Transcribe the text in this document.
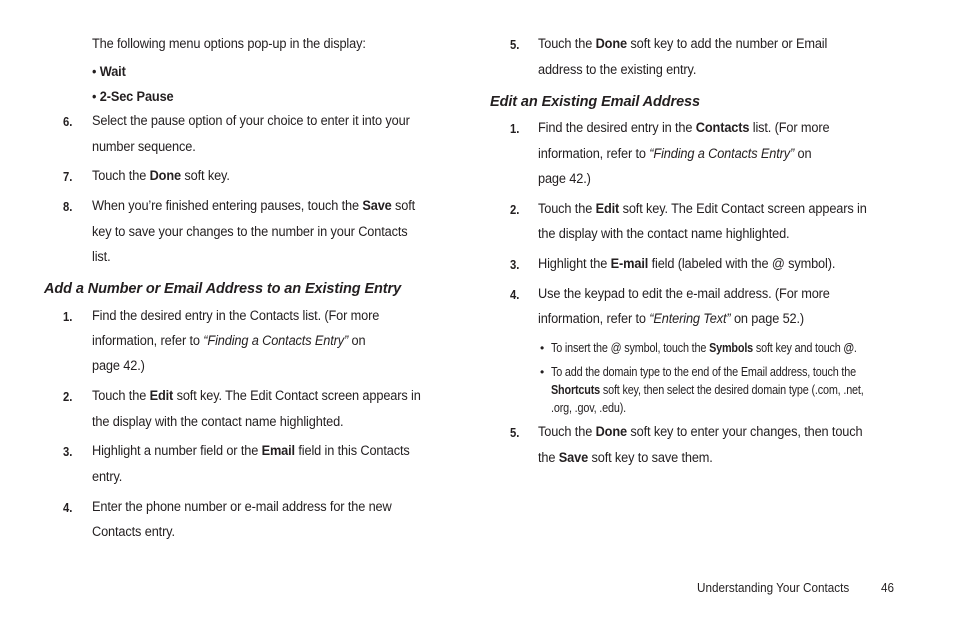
The following menu options pop-up in the display:
• Wait
• 2-Sec Pause
6. Select the pause option of your choice to enter it into your
number sequence.
7. Touch the Done soft key.
8. When you’re finished entering pauses, touch the Save soft
key to save your changes to the number in your Contacts
list.
Add a Number or Email Address to an Existing Entry
1. Find the desired entry in the Contacts list. (For more
information, refer to “Finding a Contacts Entry” on
page 42.)
2. Touch the Edit soft key. The Edit Contact screen appears in
the display with the contact name highlighted.
3. Highlight a number field or the Email field in this Contacts
entry.
4. Enter the phone number or e-mail address for the new
Contacts entry.
5. Touch the Done soft key to add the number or Email
address to the existing entry.
Edit an Existing Email Address
1. Find the desired entry in the Contacts list. (For more
information, refer to “Finding a Contacts Entry” on
page 42.)
2. Touch the Edit soft key. The Edit Contact screen appears in
the display with the contact name highlighted.
3. Highlight the E-mail field (labeled with the @ symbol).
4. Use the keypad to edit the e-mail address. (For more
information, refer to “Entering Text” on page 52.)
• To insert the @ symbol, touch the Symbols soft key and touch @.
• To add the domain type to the end of the Email address, touch the
Shortcuts soft key, then select the desired domain type (.com, .net,
.org, .gov, .edu).
5. Touch the Done soft key to enter your changes, then touch
the Save soft key to save them.
Understanding Your Contacts 46
